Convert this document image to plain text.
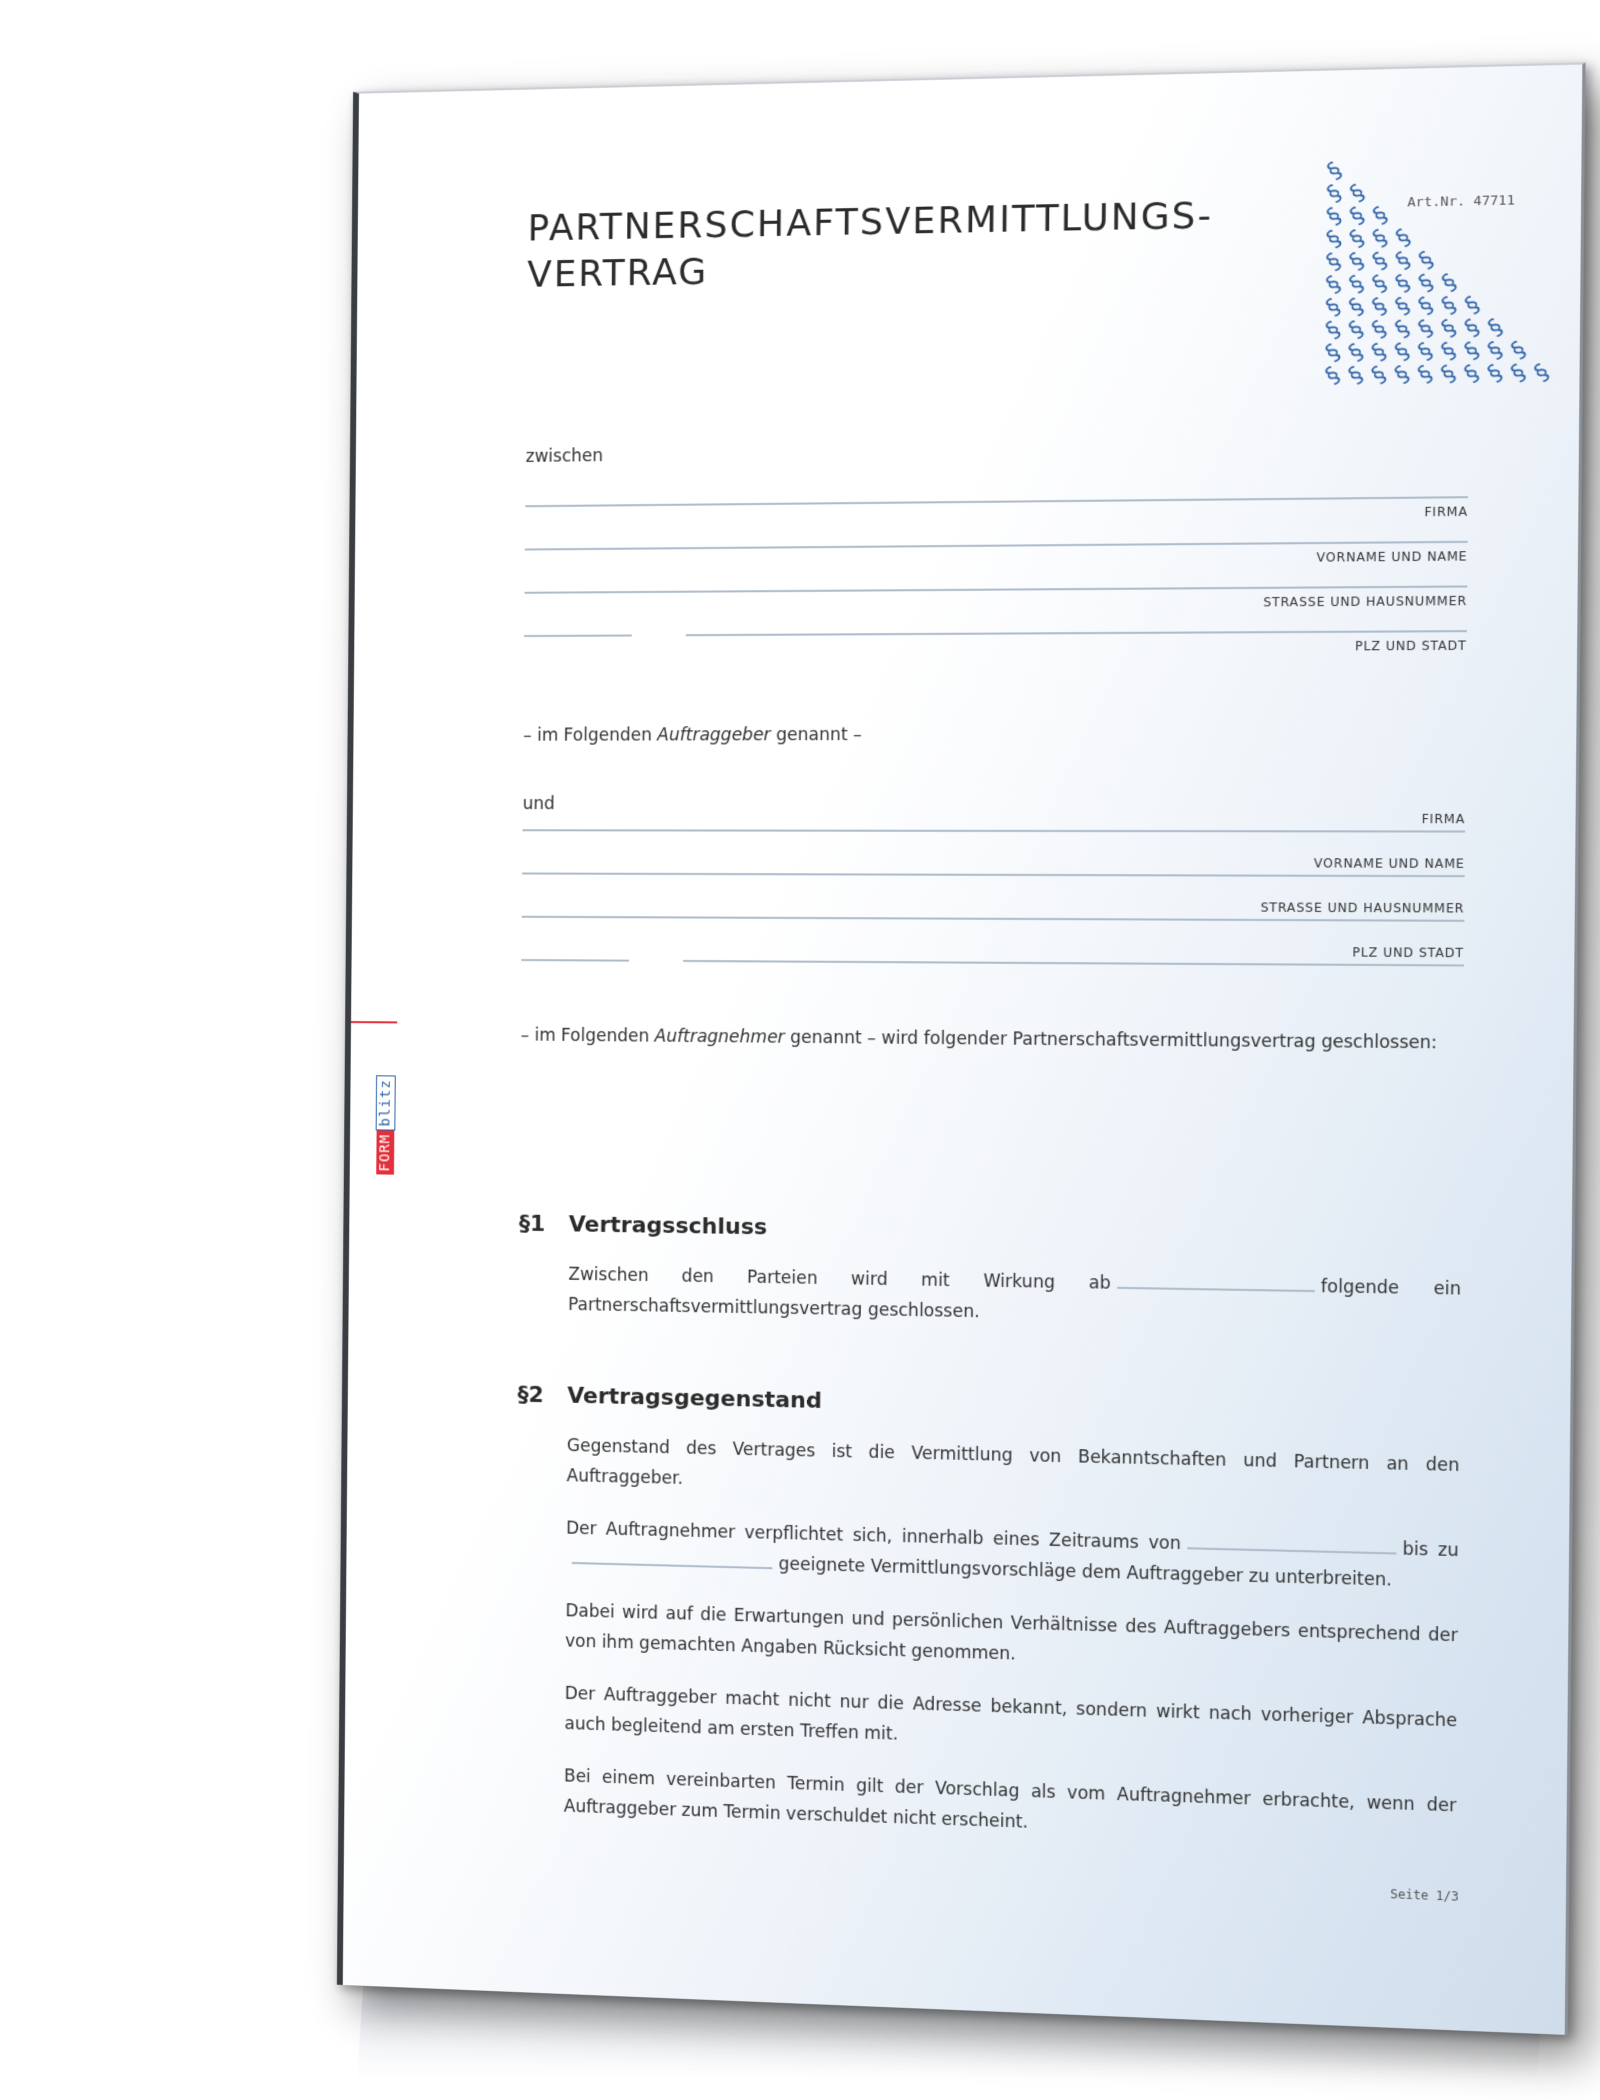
PARTNERSCHAFTSVERMITTLUNGS-
VERTRAG
Art.Nr. 47711
§
§
§
§
§
§
§
§
§
§
§
§
§
§
§
§
§
§
§
§
§
§
§
§
§
§
§
§
§
§
§
§
§
§
§
§
§
§
§
§
§
§
§
§
§
§
§
§
§
§
§
§
§
§
§
zwischen
FIRMA
VORNAME UND NAME
STRASSE UND HAUSNUMMER
PLZ UND STADT
– im Folgenden Auftraggeber genannt –
und
FIRMA
VORNAME UND NAME
STRASSE UND HAUSNUMMER
PLZ UND STADT
– im Folgenden Auftragnehmer genannt – wird folgender Partnerschaftsvermittlungsvertrag geschlossen:
FORM
blitz
§1	Vertragsschluss
Zwischen den Parteien wird mit Wirkung ab	folgende ein Partnerschaftsvermittlungsvertrag geschlossen.
§2	Vertragsgegenstand
Gegenstand des Vertrages ist die Vermittlung von Bekanntschaften und Partnern an den Auftraggeber.
Der Auftragnehmer verpflichtet sich, innerhalb eines Zeitraums von	bis zugeeignete Vermittlungsvorschläge dem Auftraggeber zu unterbreiten.
Dabei wird auf die Erwartungen und persönlichen Verhältnisse des Auftraggebers entsprechend der von ihm gemachten Angaben Rücksicht genommen.
Der Auftraggeber macht nicht nur die Adresse bekannt, sondern wirkt nach vorheriger Absprache auch begleitend am ersten Treffen mit.
Bei einem vereinbarten Termin gilt der Vorschlag als vom Auftragnehmer erbrachte, wenn der Auftraggeber zum Termin verschuldet nicht erscheint.
Seite 1/3
